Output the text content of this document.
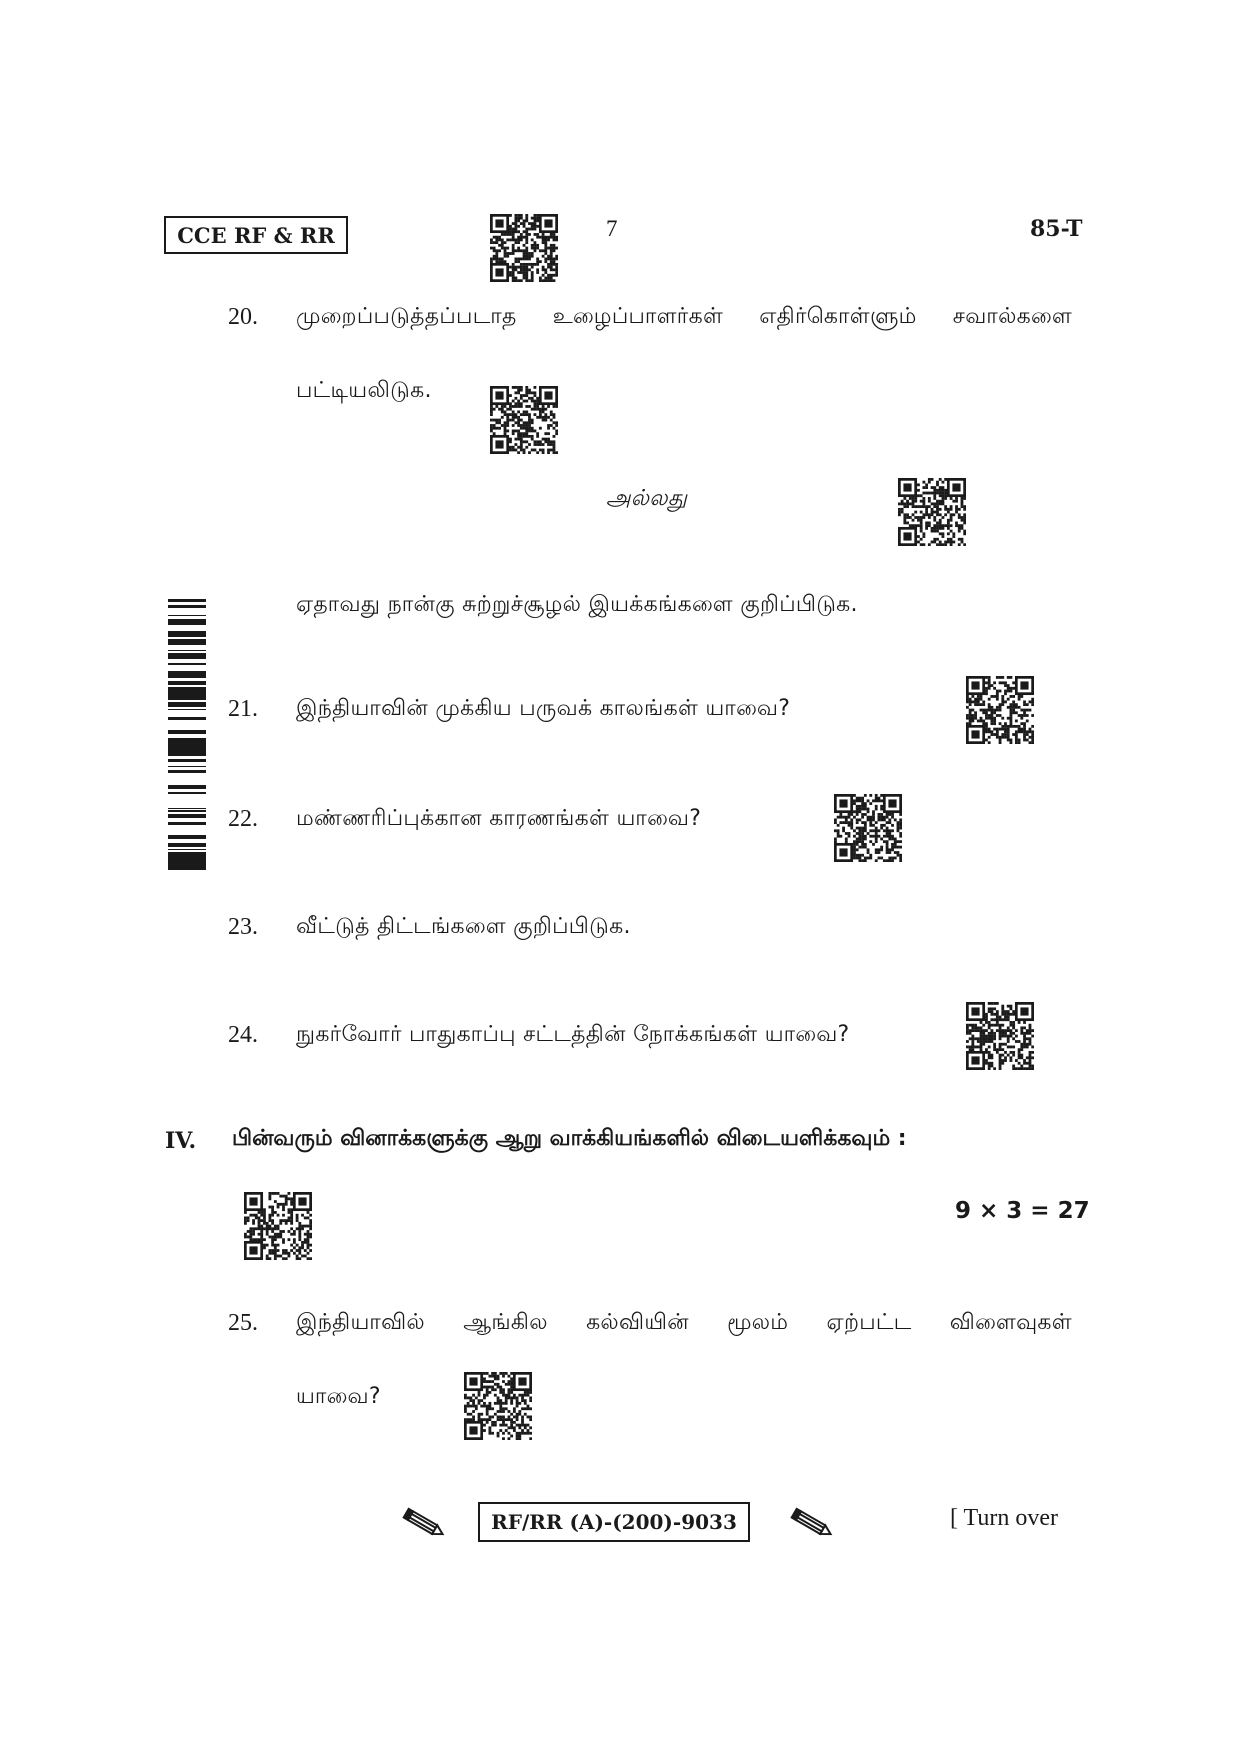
CCE RF & RR	7	85-T
20. முறைப்படுத்தப்படாத உழைப்பாளர்கள் எதிர்கொள்ளும் சவால்களை
பட்டியலிடுக.
அல்லது
ஏதாவது நான்கு சுற்றுச்சூழல் இயக்கங்களை குறிப்பிடுக.
21. இந்தியாவின் முக்கிய பருவக் காலங்கள் யாவை?
22. மண்ணரிப்புக்கான காரணங்கள் யாவை?
23. வீட்டுத் திட்டங்களை குறிப்பிடுக.
24. நுகர்வோர் பாதுகாப்பு சட்டத்தின் நோக்கங்கள் யாவை?
IV. பின்வரும் வினாக்களுக்கு ஆறு வாக்கியங்களில் விடையளிக்கவும் :
9 × 3 = 27
25. இந்தியாவில் ஆங்கில கல்வியின் மூலம் ஏற்பட்ட விளைவுகள்
யாவை?
RF/RR (A)-(200)-9033	[ Turn over
